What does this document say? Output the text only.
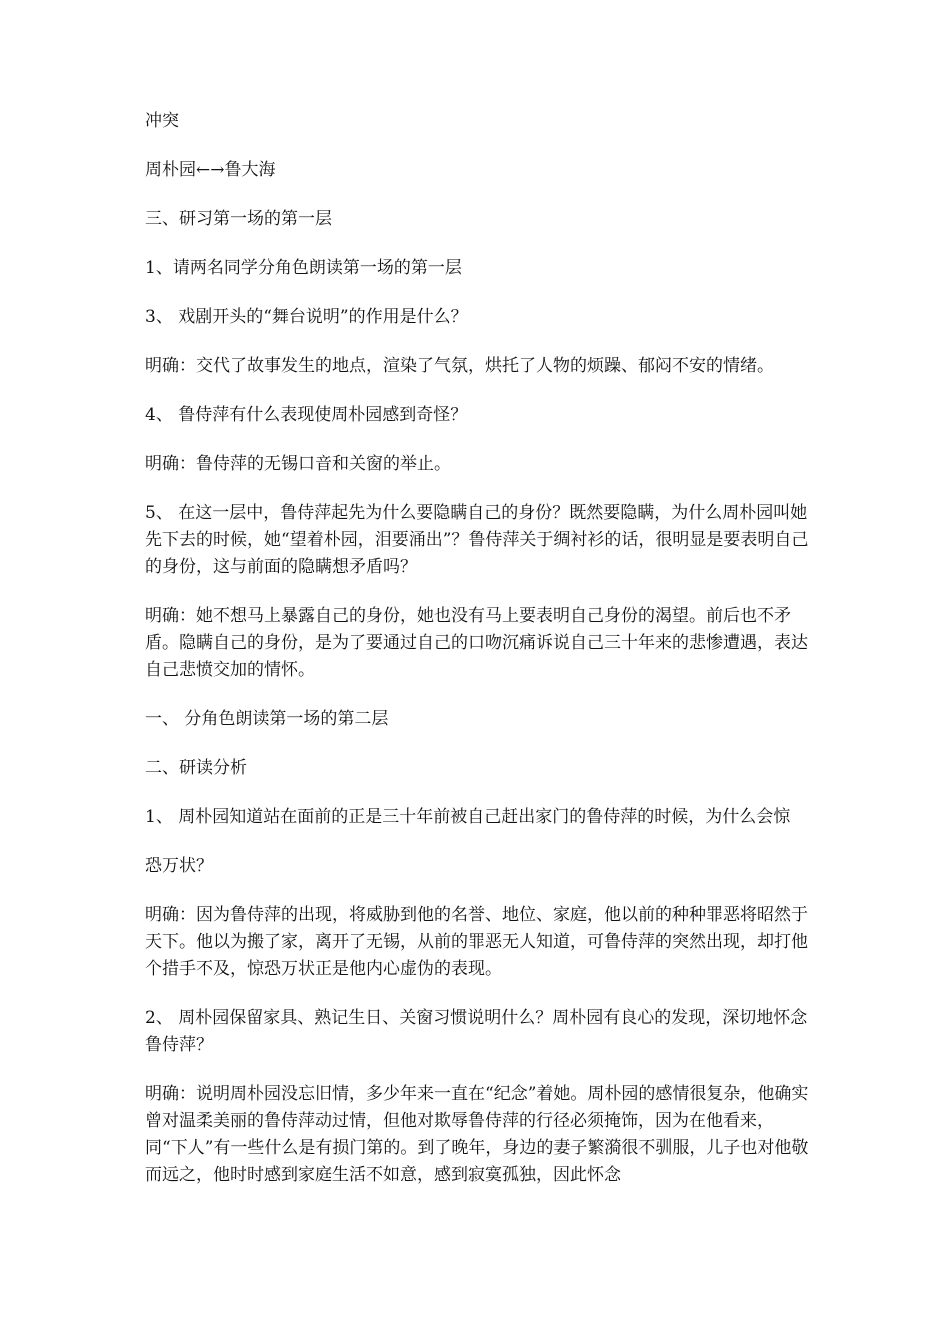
冲突

周朴园←→鲁大海

三、研习第一场的第一层

1、请两名同学分角色朗读第一场的第一层

3、 戏剧开头的“舞台说明”的作用是什么？

明确：交代了故事发生的地点，渲染了气氛，烘托了人物的烦躁、郁闷不安的情绪。

4、 鲁侍萍有什么表现使周朴园感到奇怪？

明确：鲁侍萍的无锡口音和关窗的举止。

5、 在这一层中，鲁侍萍起先为什么要隐瞒自己的身份？既然要隐瞒，为什么周朴园叫她先下去的时候，她“望着朴园，泪要涌出”？鲁侍萍关于绸衬衫的话，很明显是要表明自己的身份，这与前面的隐瞒想矛盾吗？

明确：她不想马上暴露自己的身份，她也没有马上要表明自己身份的渴望。前后也不矛盾。隐瞒自己的身份，是为了要通过自己的口吻沉痛诉说自己三十年来的悲惨遭遇，表达自己悲愤交加的情怀。

一、 分角色朗读第一场的第二层

二、研读分析

1、 周朴园知道站在面前的正是三十年前被自己赶出家门的鲁侍萍的时候，为什么会惊

恐万状？

明确：因为鲁侍萍的出现，将威胁到他的名誉、地位、家庭，他以前的种种罪恶将昭然于天下。他以为搬了家，离开了无锡，从前的罪恶无人知道，可鲁侍萍的突然出现，却打他个措手不及，惊恐万状正是他内心虚伪的表现。

2、 周朴园保留家具、熟记生日、关窗习惯说明什么？周朴园有良心的发现，深切地怀念鲁侍萍？

明确：说明周朴园没忘旧情，多少年来一直在“纪念”着她。周朴园的感情很复杂，他确实曾对温柔美丽的鲁侍萍动过情，但他对欺辱鲁侍萍的行径必须掩饰，因为在他看来，同“下人”有一些什么是有损门第的。到了晚年，身边的妻子繁漪很不驯服，儿子也对他敬而远之，他时时感到家庭生活不如意，感到寂寞孤独，因此怀念
